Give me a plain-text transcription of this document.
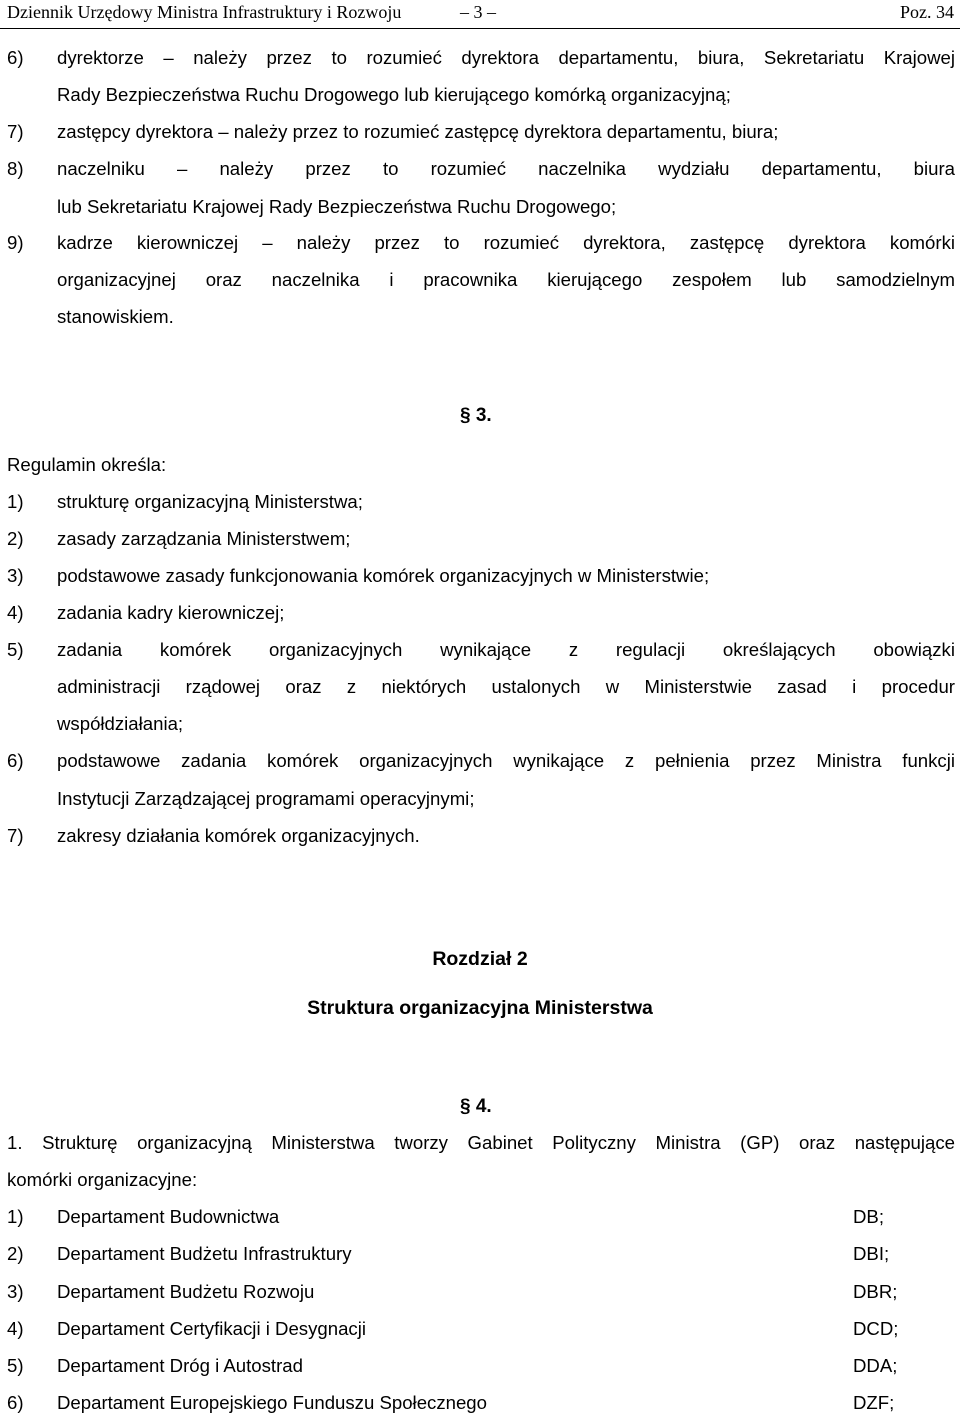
Dziennik Urzędowy Ministra Infrastruktury i Rozwoju	– 3 –	Poz. 34
6) dyrektorze – należy przez to rozumieć dyrektora departamentu, biura, Sekretariatu Krajowej
Rady Bezpieczeństwa Ruchu Drogowego lub kierującego komórką organizacyjną;
7) zastępcy dyrektora – należy przez to rozumieć zastępcę dyrektora departamentu, biura;
8) naczelniku – należy przez to rozumieć naczelnika wydziału departamentu, biura
lub Sekretariatu Krajowej Rady Bezpieczeństwa Ruchu Drogowego;
9) kadrze kierowniczej – należy przez to rozumieć dyrektora, zastępcę dyrektora komórki
organizacyjnej oraz naczelnika i pracownika kierującego zespołem lub samodzielnym
stanowiskiem.
§ 3.
Regulamin określa:
1) strukturę organizacyjną Ministerstwa;
2) zasady zarządzania Ministerstwem;
3) podstawowe zasady funkcjonowania komórek organizacyjnych w Ministerstwie;
4) zadania kadry kierowniczej;
5) zadania komórek organizacyjnych wynikające z regulacji określających obowiązki
administracji rządowej oraz z niektórych ustalonych w Ministerstwie zasad i procedur
współdziałania;
6) podstawowe zadania komórek organizacyjnych wynikające z pełnienia przez Ministra funkcji
Instytucji Zarządzającej programami operacyjnymi;
7) zakresy działania komórek organizacyjnych.
Rozdział 2
Struktura organizacyjna Ministerstwa
§ 4.
1. Strukturę organizacyjną Ministerstwa tworzy Gabinet Polityczny Ministra (GP) oraz następujące
komórki organizacyjne:
1) Departament Budownictwa	DB;
2) Departament Budżetu Infrastruktury	DBI;
3) Departament Budżetu Rozwoju	DBR;
4) Departament Certyfikacji i Desygnacji	DCD;
5) Departament Dróg i Autostrad	DDA;
6) Departament Europejskiego Funduszu Społecznego	DZF;
